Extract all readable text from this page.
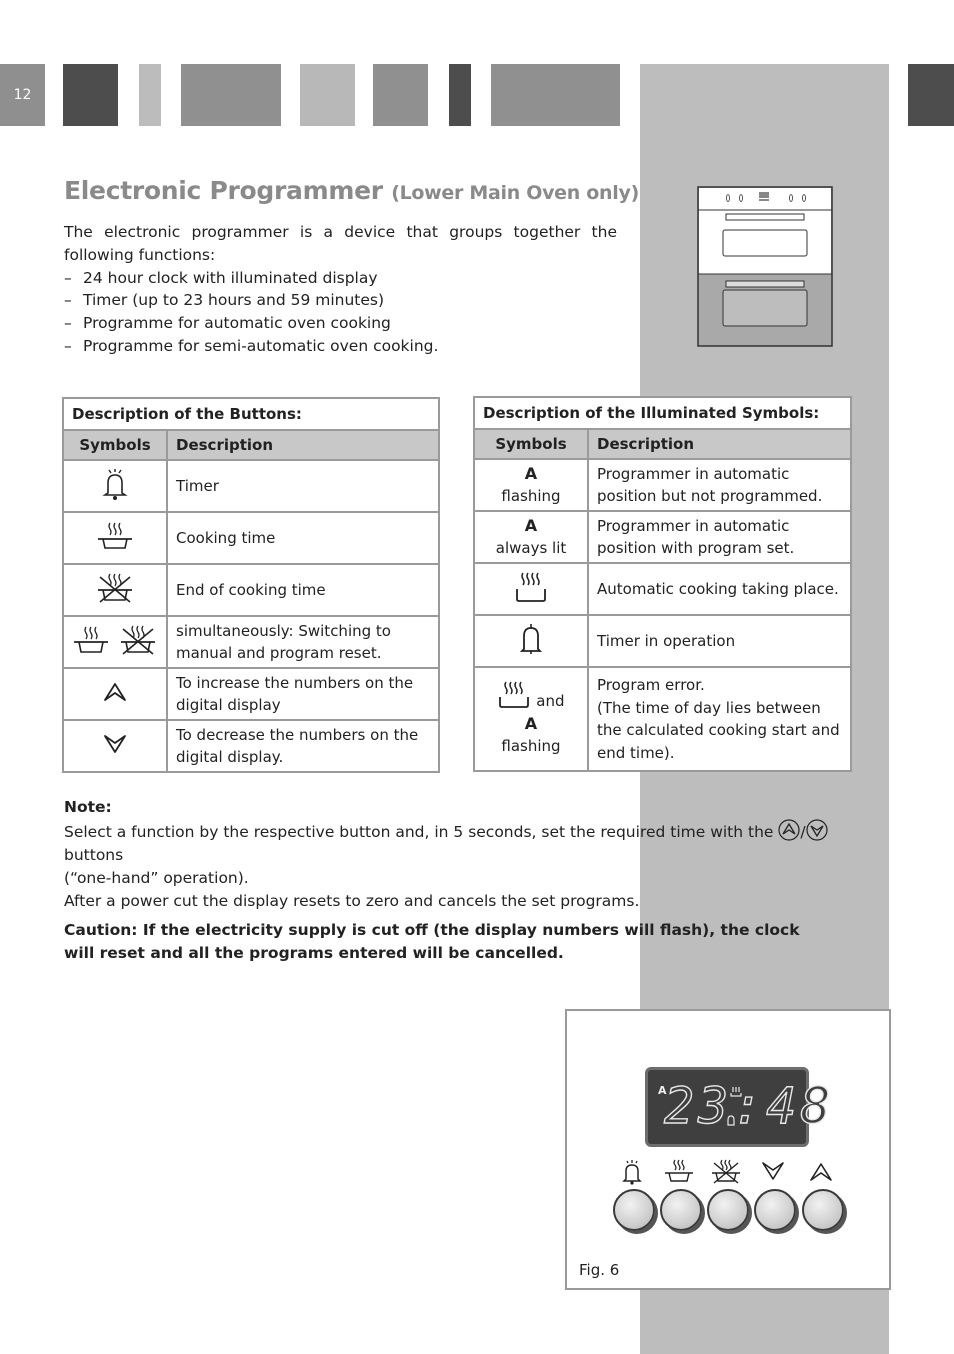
12
Electronic Programmer (Lower Main Oven only)

The electronic programmer is a device that groups together the following functions:

– 24 hour clock with illuminated display
– Timer (up to 23 hours and 59 minutes)
– Programme for automatic oven cooking
– Programme for semi-automatic oven cooking.
Description of the Buttons:	
Symbols	Description
	Timer
	Cooking time
	End of cooking time
	simultaneously: Switching to manual and program reset.
	To increase the numbers on the digital display
	To decrease the numbers on the digital display.
Description of the Illuminated Symbols:	
Symbols	Description
A
flashing	Programmer in automatic position but not programmed.
A
always lit	Programmer in automatic position with program set.
	Automatic cooking taking place.
	Timer in operation
and
A
flashing	Program error.
(The time of day lies between the calculated cooking start and end time).

Note:

Select a function by the respective button and, in 5 seconds, set the required time with the / buttons

(“one-hand” operation).

After a power cut the display resets to zero and cancels the set programs.

Caution: If the electricity supply is cut off (the display numbers will flash), the clock will reset and all the programs entered will be cancelled.

A
23:48
Fig. 6
